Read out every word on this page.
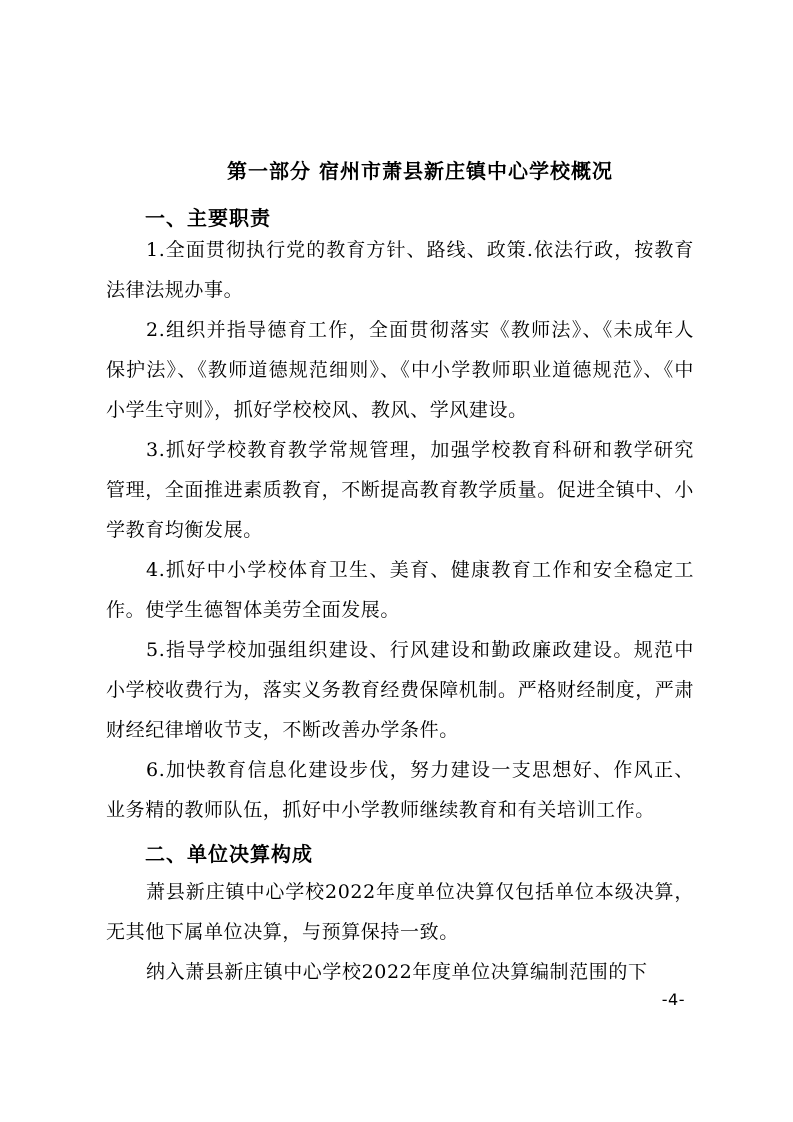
第一部分 宿州市萧县新庄镇中心学校概况
一、主要职责
1.全面贯彻执行党的教育方针、路线、政策.依法行政，按教育法律法规办事。
2.组织并指导德育工作，全面贯彻落实《教师法》、《未成年人保护法》、《教师道德规范细则》、《中小学教师职业道德规范》、《中小学生守则》，抓好学校校风、教风、学风建设。
3.抓好学校教育教学常规管理，加强学校教育科研和教学研究管理，全面推进素质教育，不断提高教育教学质量。促进全镇中、小学教育均衡发展。
4.抓好中小学校体育卫生、美育、健康教育工作和安全稳定工作。使学生德智体美劳全面发展。
5.指导学校加强组织建设、行风建设和勤政廉政建设。规范中小学校收费行为，落实义务教育经费保障机制。严格财经制度，严肃财经纪律增收节支，不断改善办学条件。
6.加快教育信息化建设步伐，努力建设一支思想好、作风正、业务精的教师队伍，抓好中小学教师继续教育和有关培训工作。
二、单位决算构成
萧县新庄镇中心学校2022年度单位决算仅包括单位本级决算，无其他下属单位决算，与预算保持一致。
纳入萧县新庄镇中心学校2022年度单位决算编制范围的下
-4-
